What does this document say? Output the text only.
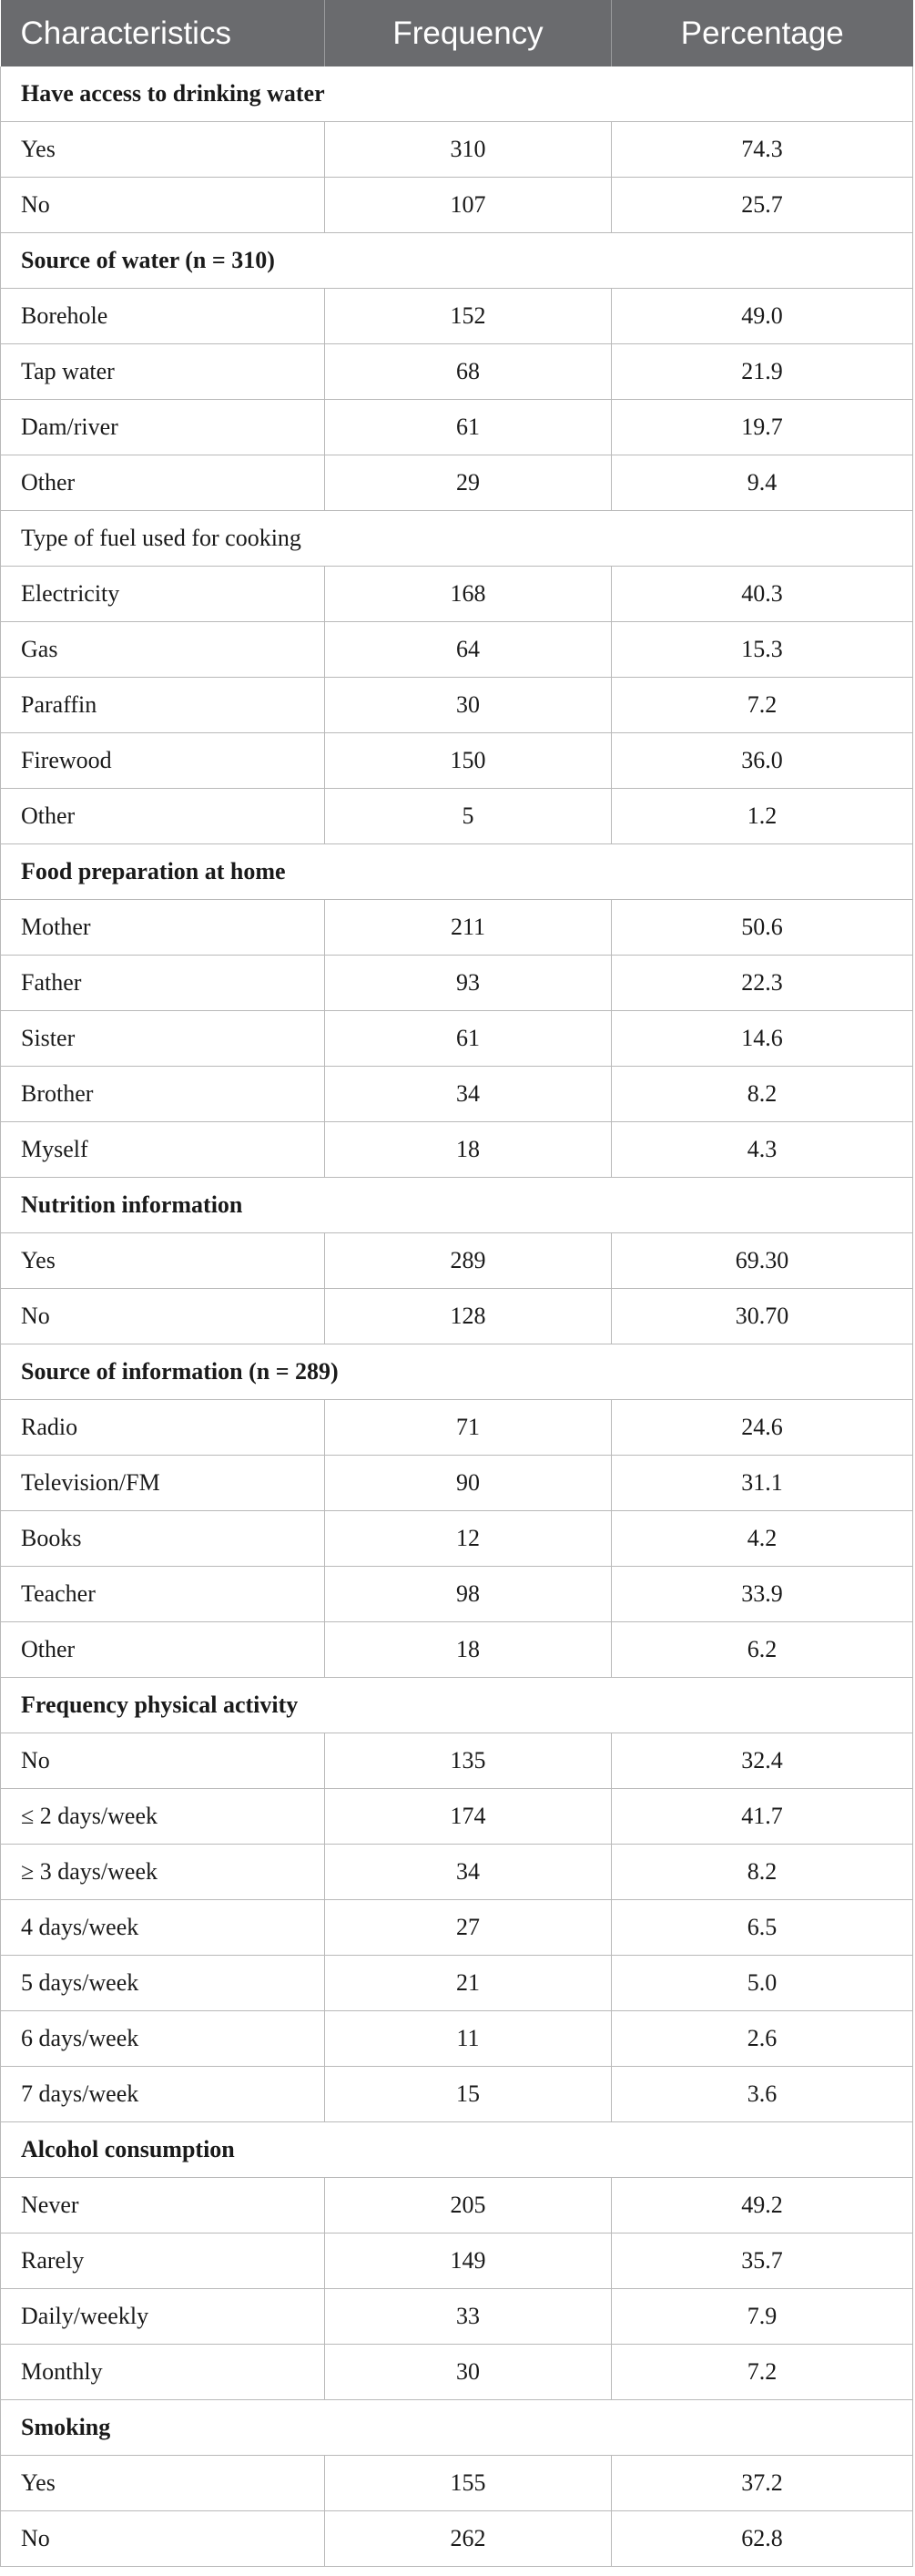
Characteristics	Frequency	Percentage
Have access to drinking water		
Yes	310	74.3
No	107	25.7
Source of water (n = 310)		
Borehole	152	49.0
Tap water	68	21.9
Dam/river	61	19.7
Other	29	9.4
Type of fuel used for cooking		
Electricity	168	40.3
Gas	64	15.3
Paraffin	30	7.2
Firewood	150	36.0
Other	5	1.2
Food preparation at home		
Mother	211	50.6
Father	93	22.3
Sister	61	14.6
Brother	34	8.2
Myself	18	4.3
Nutrition information		
Yes	289	69.30
No	128	30.70
Source of information (n = 289)		
Radio	71	24.6
Television/FM	90	31.1
Books	12	4.2
Teacher	98	33.9
Other	18	6.2
Frequency physical activity		
No	135	32.4
≤ 2 days/week	174	41.7
≥ 3 days/week	34	8.2
4 days/week	27	6.5
5 days/week	21	5.0
6 days/week	11	2.6
7 days/week	15	3.6
Alcohol consumption		
Never	205	49.2
Rarely	149	35.7
Daily/weekly	33	7.9
Monthly	30	7.2
Smoking		
Yes	155	37.2
No	262	62.8
